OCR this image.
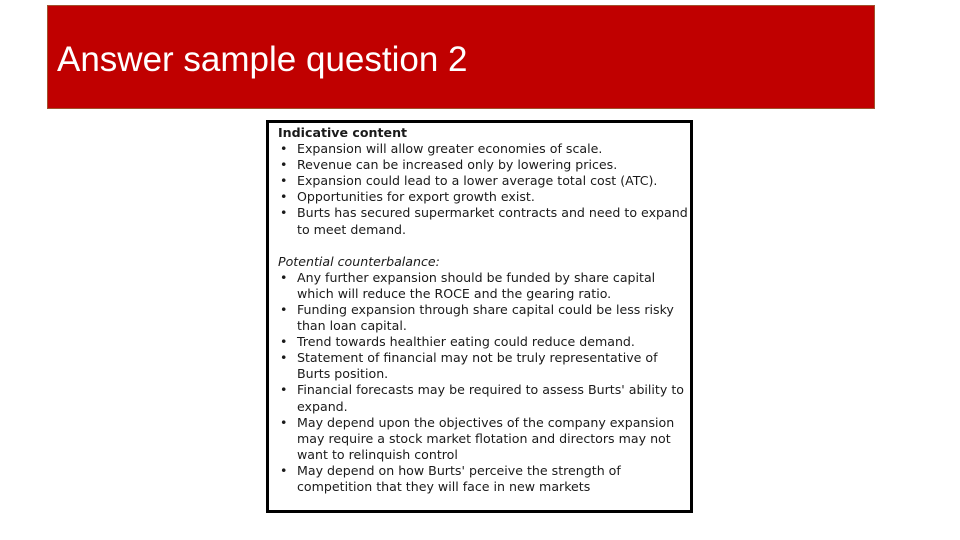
Answer sample question 2

Indicative content

• Expansion will allow greater economies of scale.
• Revenue can be increased only by lowering prices.
• Expansion could lead to a lower average total cost (ATC).
• Opportunities for export growth exist.
• Burts has secured supermarket contracts and need to expand to meet demand.

Potential counterbalance:

• Any further expansion should be funded by share capital which will reduce the ROCE and the gearing ratio.
• Funding expansion through share capital could be less risky than loan capital.
• Trend towards healthier eating could reduce demand.
• Statement of financial may not be truly representative of Burts position.
• Financial forecasts may be required to assess Burts' ability to expand.
• May depend upon the objectives of the company expansion may require a stock market flotation and directors may not want to relinquish control
• May depend on how Burts' perceive the strength of competition that they will face in new markets
